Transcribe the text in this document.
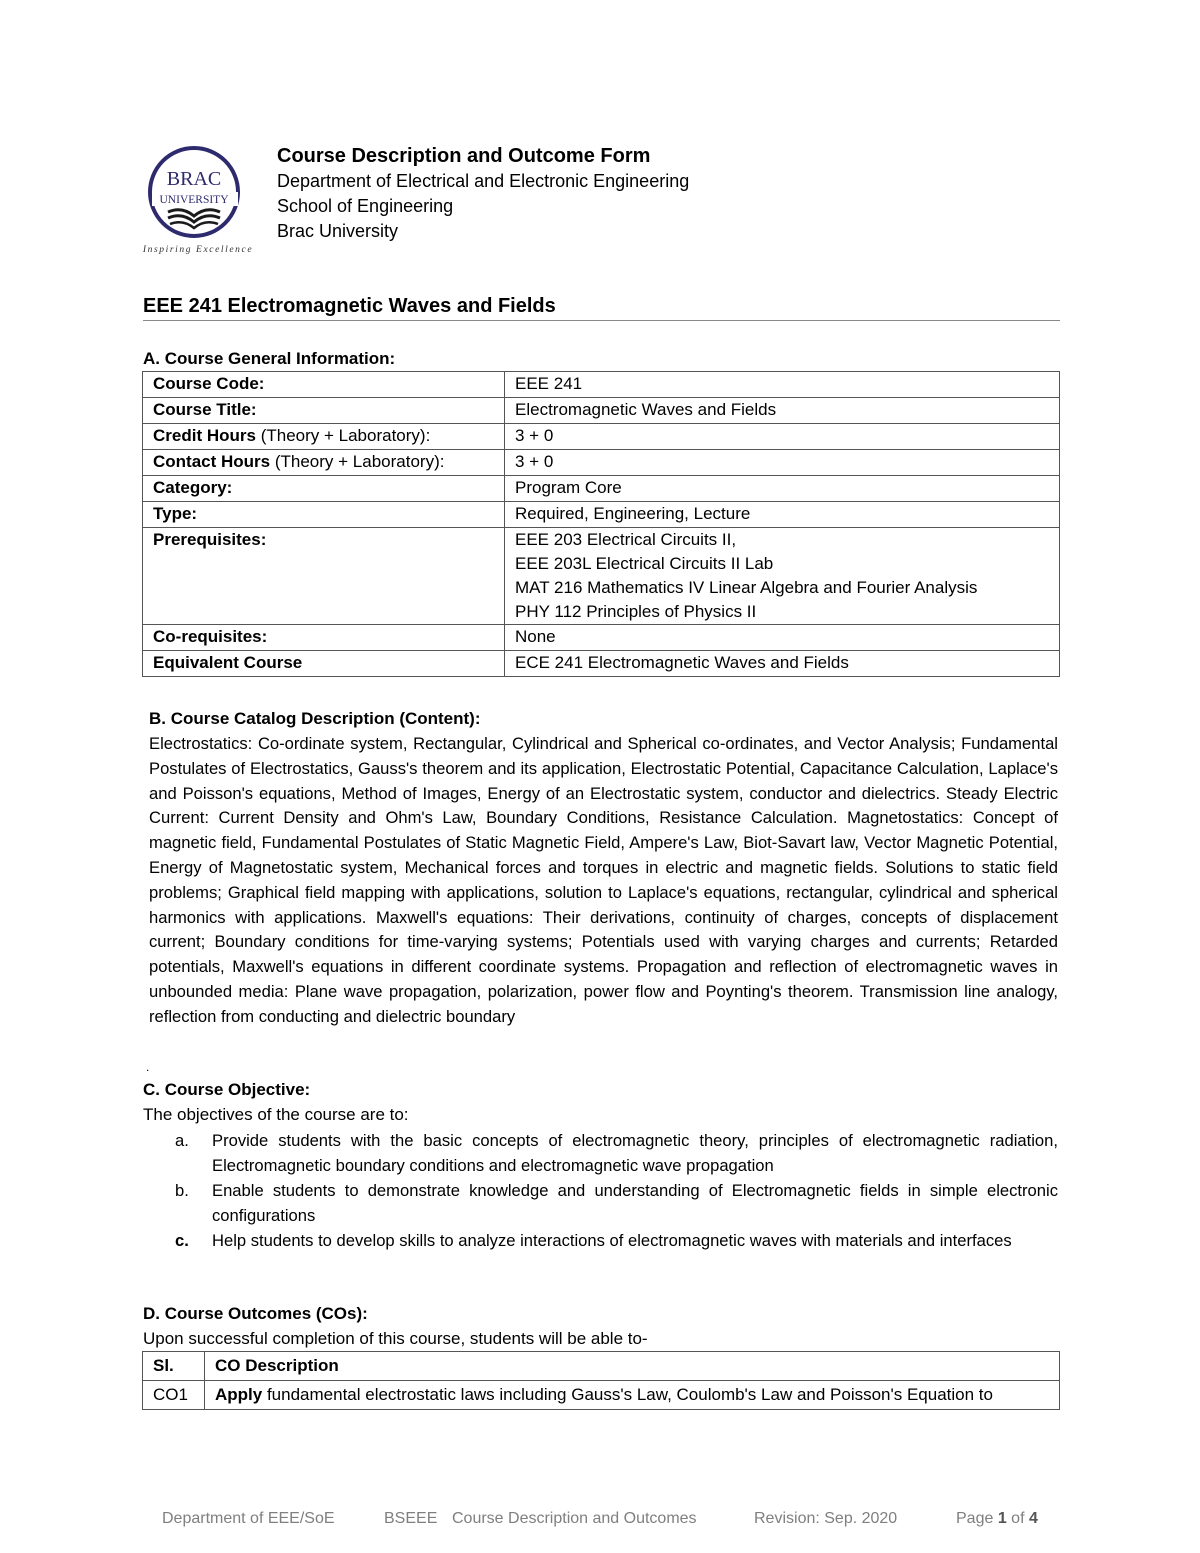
BRAC
UNIVERSITY
Inspiring Excellence
Course Description and Outcome Form
Department of Electrical and Electronic Engineering
School of Engineering
Brac University
EEE 241 Electromagnetic Waves and Fields
A. Course General Information:
Course Code:	EEE 241
Course Title:	Electromagnetic Waves and Fields
Credit Hours (Theory + Laboratory):	3 + 0
Contact Hours (Theory + Laboratory):	3 + 0
Category:	Program Core
Type:	Required, Engineering, Lecture
Prerequisites:	EEE 203 Electrical Circuits II,
EEE 203L Electrical Circuits II Lab
MAT 216 Mathematics IV Linear Algebra and Fourier Analysis
PHY 112 Principles of Physics II

Co-requisites:	None
Equivalent Course	ECE 241 Electromagnetic Waves and Fields
B. Course Catalog Description (Content):
Electrostatics: Co-ordinate system, Rectangular, Cylindrical and Spherical co-ordinates, and Vector Analysis; Fundamental Postulates of Electrostatics, Gauss's theorem and its application, Electrostatic Potential, Capacitance Calculation, Laplace's and Poisson's equations, Method of Images, Energy of an Electrostatic system, conductor and dielectrics. Steady Electric Current: Current Density and Ohm's Law, Boundary Conditions, Resistance Calculation. Magnetostatics: Concept of magnetic field, Fundamental Postulates of Static Magnetic Field, Ampere's Law, Biot-Savart law, Vector Magnetic Potential, Energy of Magnetostatic system, Mechanical forces and torques in electric and magnetic fields. Solutions to static field problems; Graphical field mapping with applications, solution to Laplace's equations, rectangular, cylindrical and spherical harmonics with applications. Maxwell's equations: Their derivations, continuity of charges, concepts of displacement current; Boundary conditions for time-varying systems; Potentials used with varying charges and currents; Retarded potentials, Maxwell's equations in different coordinate systems. Propagation and reflection of electromagnetic waves in unbounded media: Plane wave propagation, polarization, power flow and Poynting's theorem. Transmission line analogy, reflection from conducting and dielectric boundary
.
C. Course Objective:
The objectives of the course are to:
a. Provide students with the basic concepts of electromagnetic theory, principles of electromagnetic radiation, Electromagnetic boundary conditions and electromagnetic wave propagation
b. Enable students to demonstrate knowledge and understanding of Electromagnetic fields in simple electronic configurations
c. Help students to develop skills to analyze interactions of electromagnetic waves with materials and interfaces
D. Course Outcomes (COs):
Upon successful completion of this course, students will be able to-
Sl.	CO Description
CO1	Apply fundamental electrostatic laws including Gauss's Law, Coulomb's Law and Poisson's Equation to
Department of EEE/SoE	BSEEE Course Description and Outcomes	Revision: Sep. 2020	Page 1 of 4
